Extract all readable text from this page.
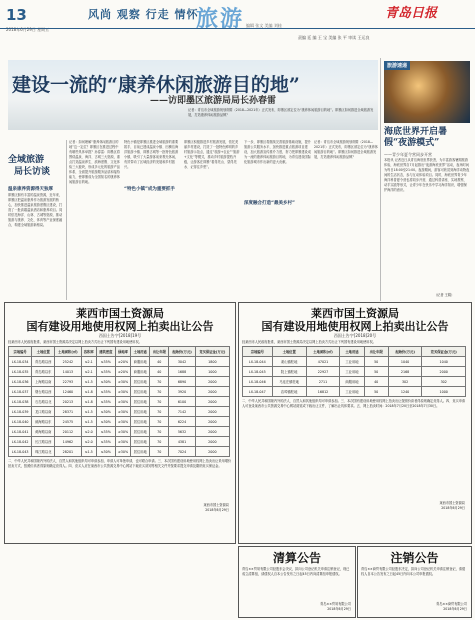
13
2018年6月29日 星期五
风尚 观察 行走 情怀
旅游 编辑 张文 美编 刘桂
青岛日报
责编 廷 编 王 宝 美编 张 平 审读 王运良
建设一流的“康养休闲旅游目的地”
——访即墨区旅游局局长孙春雷
记者：青岛市全域旅游规划纲要（2018—2021年）正式发布，即墨区被定位为“康养休闲旅游目的地”。即墨区如何推进全域旅游发展，打造康养休闲旅游品牌？
全域旅游
局长访谈
温泉康养资源得天独厚
即墨区拥有丰富的温泉资源，近年来，即墨区把温泉康养作为旅游发展的核心，加快推进温泉旅游度假区建设，打造了一批高端温泉酒店和康养项目。同时依托海洋、山林、古城等资源，推动旅游与康养、文化、体育等产业深度融合，构建全域旅游新格局。
记者：如何理解“康养休闲旅游目的地”这一定位？即墨区在推进过程中有哪些具体举措？孙春雷：即墨区将围绕温泉、海洋、古城三大资源，重点打造温泉养生、滨海度假、文化体验三大板块，形成多元化的旅游产品体系，全面提升旅游服务品质和接待能力，使即墨成为全国知名的康养休闲旅游目的地。
“特色小镇”成为重要抓手
特色小镇是即墨区推进全域旅游的重要抓手，目前已建成温泉小镇、田横岛海洋旅游小镇、即墨古城等一批特色旅游小镇，吸引了大量游客前来观光休闲，有效带动了区域经济的发展和乡村振兴。
即墨区积极推进乡村旅游发展，依托美丽乡村建设，打造了一批特色鲜明的乡村旅游示范点，通过“旅游+农业”“旅游+文化”等模式，推动乡村旅游提档升级，让游客在即墨“看得见山、望得见水、记得住乡愁”。
深度融合打造“最美乡村”
下一步，即墨区将继续完善旅游基础设施，提升旅游公共服务水平，加快推进重点旅游项目建设，加大旅游宣传推介力度，努力把即墨建设成为一流的康养休闲旅游目的地，为青岛建设国际化旅游城市作出新的更大贡献。
记者：青岛市全域旅游规划纲要（2018—2021年）正式发布，即墨区被定位为“康养休闲旅游目的地”。即墨区如何推进全域旅游发展，打造康养休闲旅游品牌？
旅游速递
海底世界开启暑假“夜游模式”
——青少年夏令营同步开营
本报讯 记者近日从青岛海底世界获悉，为丰富游客暑期旅游体验，海底世界自7月起推出“夜游海底世界”活动，夜场时间为每日18:00至21:00。夜游期间，游客可欣赏到海洋动物夜间的生活状态，参与互动体验项目。同时，海底世界青少年海洋科普夏令营也将同步开营，通过科普讲座、实地观察、动手实践等形式，让青少年在快乐中学习海洋知识，增强保护海洋的意识。
（记者 王娟）
莱西市国土资源局
国有建设用地使用权网上拍卖出让公告
西国土告字[2018]19号
经莱西市人民政府批准，莱西市国土资源局决定以网上拍卖方式出让下列国有建设用地使用权。
宗地编号	土地位置	土地面积(㎡)	容积率	建筑密度	绿地率	土地用途	出让年限	起始价(万元)	竞买保证金(万元)
LX-18-034	青岛路以西	25242	≤2.1	≤35%	≥20%	商服用地	40	3042	1800
LX-18-035	青岛路以东	14013	≤2.1	≤35%	≥20%	商服用地	40	1688	1000
LX-18-036	上海路以南	22793	≤1.5	≤30%	≥30%	居住用地	70	6890	2000
LX-18-037	烟台路以西	12460	≤1.8	≤35%	≥30%	居住用地	70	3920	2000
LX-18-038	石岛路以北	20213	≤1.8	≤35%	≥30%	居住用地	70	6100	2000
LX-18-039	龙口路以南	28371	≤1.5	≤30%	≥30%	居住用地	70	7142	2000
LX-18-040	威海路以东	24575	≤1.5	≤30%	≥30%	居住用地	70	6224	2000
LX-18-041	黄海路以南	20112	≤2.0	≤35%	≥30%	居住用地	70	5632	2000
LX-18-042	长江路以西	14962	≤2.0	≤35%	≥30%	居住用地	70	4381	2000
LX-18-043	珠江路以北	28201	≤1.5	≤30%	≥30%	居住用地	70	7024	2000
二、中华人民共和国境内外的法人、自然人和其他组织均可申请参加，申请人可单独申请，也可联合申请。三、本次国有建设用地使用权网上拍卖出让采用增价拍卖方式，按照价高者得原则确定竞得人。四、竞买人应在莱西市公共资源交易中心网站下载竞买须知等相关文件并按要求提交申请及缴纳竞买保证金。
莱西市国土资源局
2018年6月29日
莱西市国土资源局
国有建设用地使用权网上拍卖出让公告
西国土告字[2018]20号
经莱西市人民政府批准，莱西市国土资源局决定以网上拍卖方式出让下列国有建设用地使用权。
宗地编号	土地位置	土地面积(㎡)	土地用途	出让年限	起始价(万元)	竞买保证金(万元)
LX-18-044	姜山镇驻地	47021	工业用地	50	1040	1040
LX-18-045	院上镇驻地	22927	工业用地	50	2168	2000
LX-18-046	马连庄镇驻地	2711	商服用地	40	302	302
LX-18-047	店埠镇驻地	16812	工业用地	50	1240	1000
二、中华人民共和国境内外的法人、自然人和其他组织均可申请参加。三、本次国有建设用地使用权网上拍卖出让按照价高者得原则确定竞得人。四、竞买申请人可登录莱西市公共资源交易中心网站浏览或下载出让文件，了解出让具体要求。五、网上拍卖时间：2018年7月20日至2018年7月30日。
莱西市国土资源局
2018年6月29日
清算公告
青岛××贸易有限公司经股东会决议，拟向公司登记机关申请注销登记，现已成立清算组，请债权人自本公告发布之日起45日内向清算组申报债权。
青岛××贸易有限公司
2018年6月29日
注销公告
青岛××商贸有限公司经股东决定，拟向公司登记机关申请注销登记，请债权人自本公告发布之日起45日内向本公司申报债权。
青岛××商贸有限公司
2018年6月29日
